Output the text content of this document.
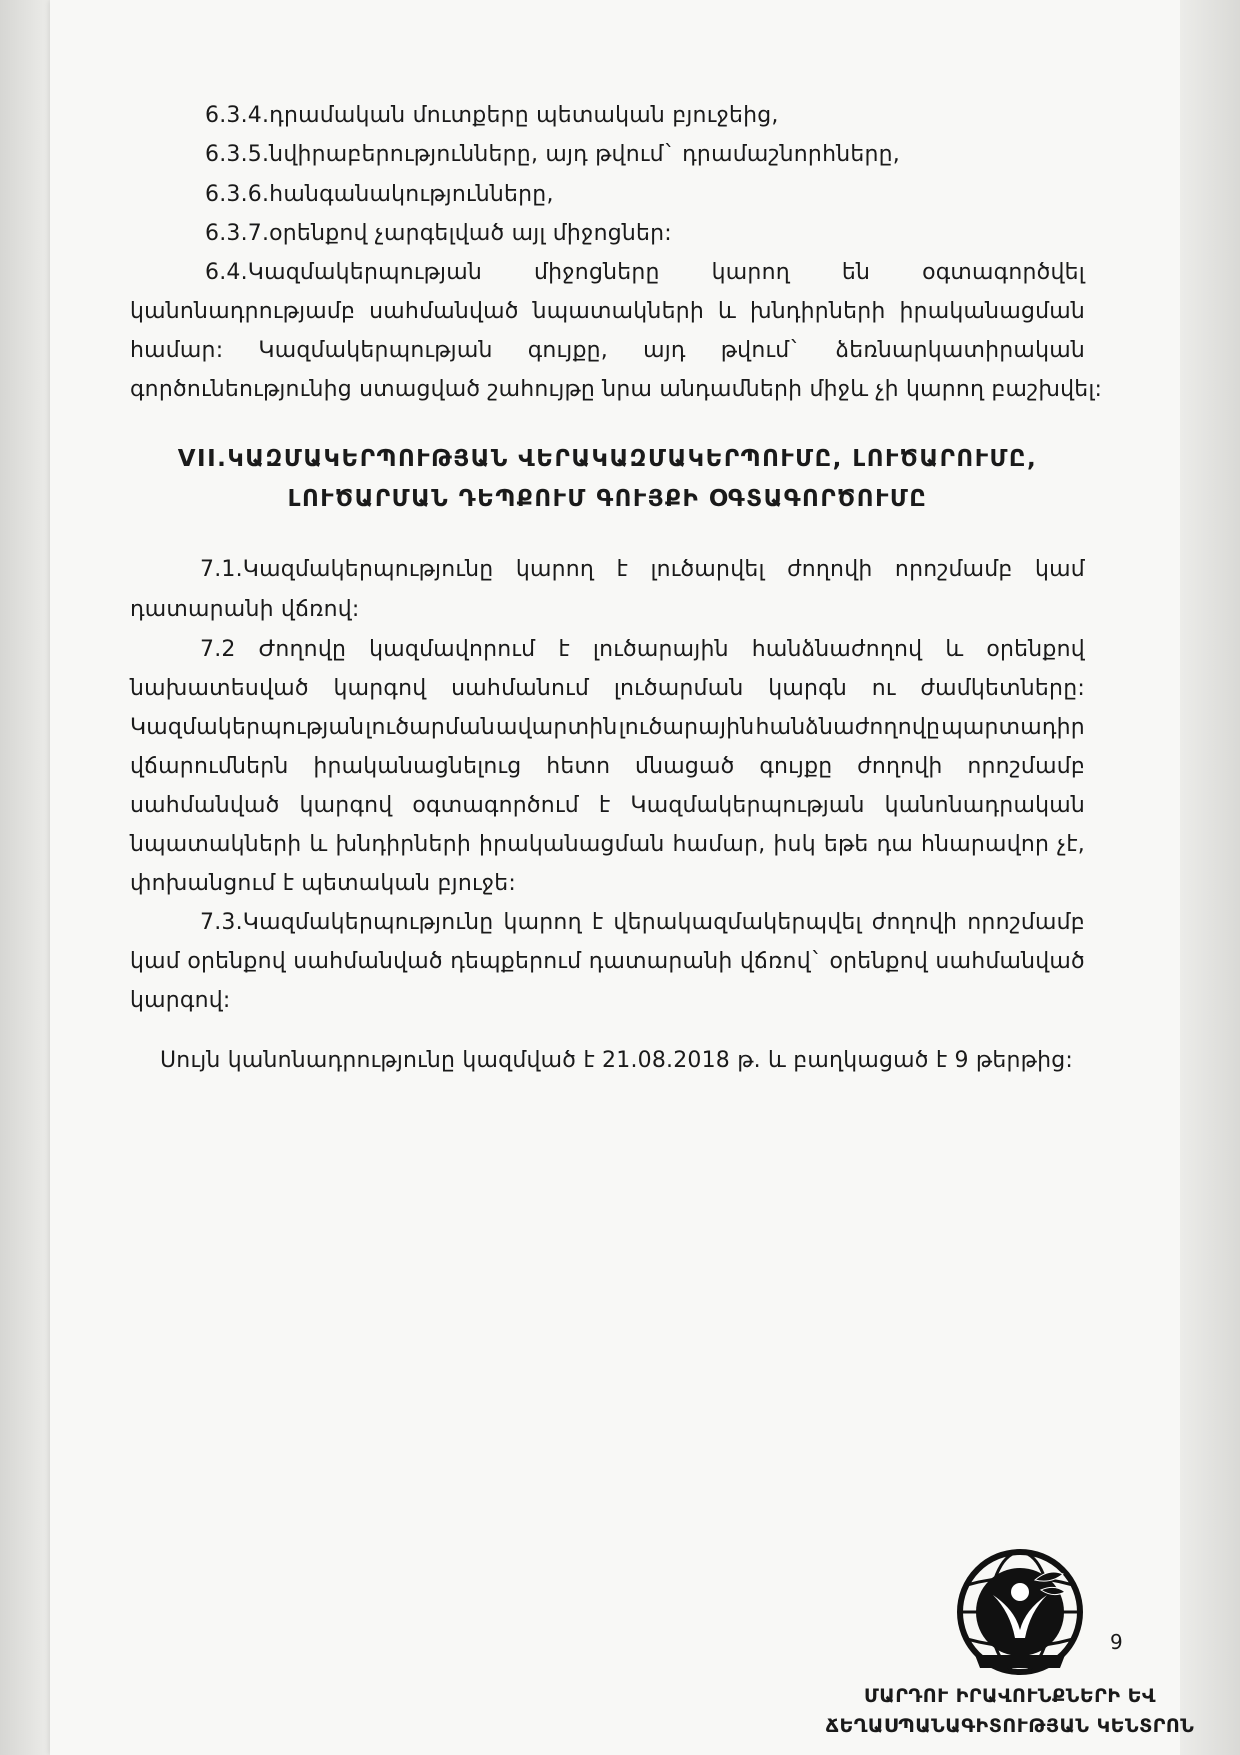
6.3.4.դրամական մուտքերը պետական բյուջեից,
6.3.5.նվիրաբերությունները, այդ թվում` դրամաշնորհները,
6.3.6.հանգանակությունները,
6.3.7.օրենքով չարգելված այլ միջոցներ:
6.4.Կազմակերպության միջոցները կարող են օգտագործվել
կանոնադրությամբ սահմանված նպատակների և խնդիրների իրականացման
համար: Կազմակերպության գույքը, այդ թվում` ձեռնարկատիրական
գործունեությունից ստացված շահույթը նրա անդամների միջև չի կարող բաշխվել:
VII.ԿԱԶՄԱԿԵՐՊՈՒԹՅԱՆ ՎԵՐԱԿԱԶՄԱԿԵՐՊՈՒՄԸ, ԼՈՒԾԱՐՈՒՄԸ,
ԼՈՒԾԱՐՄԱՆ ԴԵՊՔՈՒՄ ԳՈՒՅՔԻ ՕԳՏԱԳՈՐԾՈՒՄԸ
7.1.Կազմակերպությունը կարող է լուծարվել ժողովի որոշմամբ կամ
դատարանի վճռով:
7.2 Ժողովը կազմավորում է լուծարային հանձնաժողով և օրենքով
նախատեսված կարգով սահմանում լուծարման կարգն ու ժամկետները:
Կազմակերպության լուծարման ավարտին լուծարային հանձնաժողովը պարտադիր
վճարումներն իրականացնելուց հետո մնացած գույքը ժողովի որոշմամբ
սահմանված կարգով օգտագործում է Կազմակերպության կանոնադրական
նպատակների և խնդիրների իրականացման համար, իսկ եթե դա հնարավոր չէ,
փոխանցում է պետական բյուջե:
7.3.Կազմակերպությունը կարող է վերակազմակերպվել ժողովի որոշմամբ
կամ օրենքով սահմանված դեպքերում դատարանի վճռով` օրենքով սահմանված
կարգով:
Սույն կանոնադրությունը կազմված է 21.08.2018 թ. և բաղկացած է 9 թերթից:
9
ՄԱՐԴՈՒ ԻՐԱՎՈՒՆՔՆԵՐԻ ԵՎ
ՃԵՂԱՍՊԱՆԱԳԻՏՈՒԹՅԱՆ ԿԵՆՏՐՈՆ
